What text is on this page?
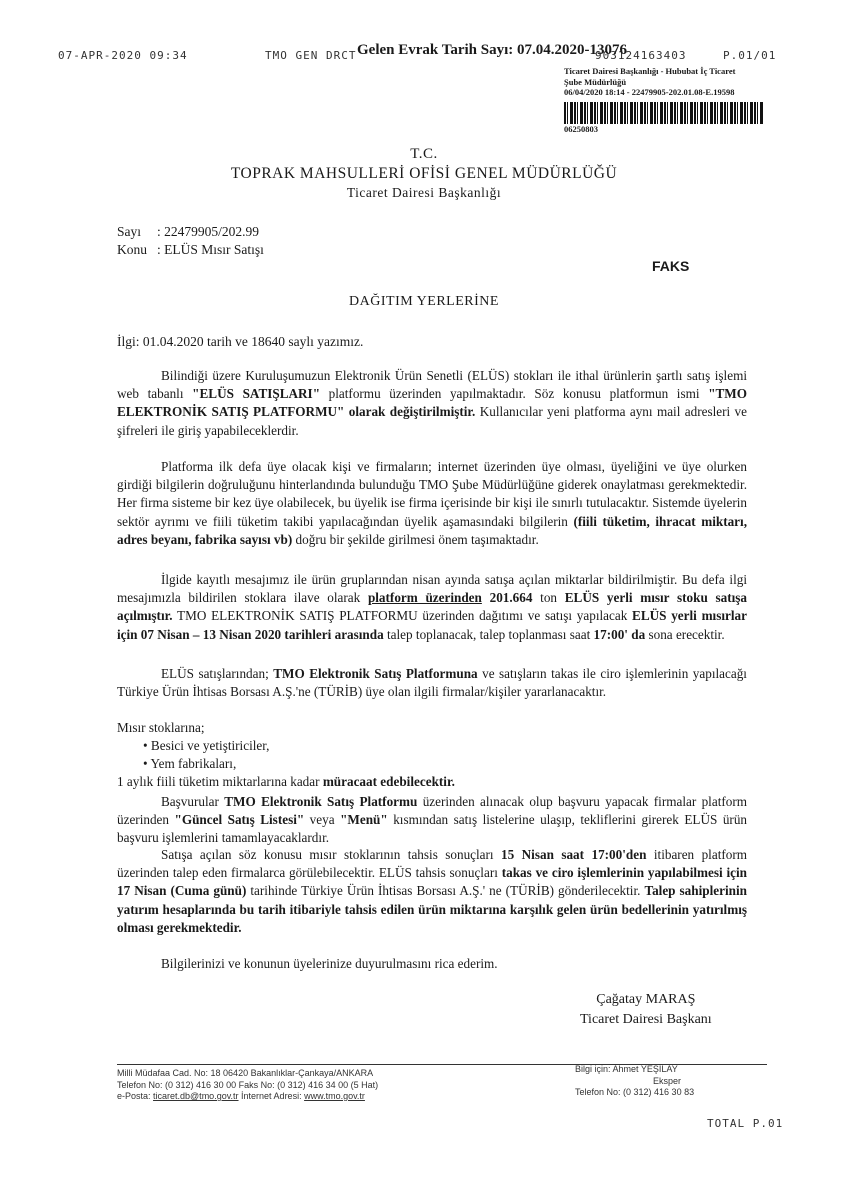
07-APR-2020 09:34	TMO GEN DRCT	903124163403	P.01/01
Gelen Evrak Tarih Sayı: 07.04.2020-13076
Ticaret Dairesi Başkanlığı - Hububat İç Ticaret
Şube Müdürlüğü
06/04/2020 18:14 - 22479905-202.01.08-E.19598
06250803
T.C.
TOPRAK MAHSULLERİ OFİSİ GENEL MÜDÜRLÜĞÜ
Ticaret Dairesi Başkanlığı
Sayı : 22479905/202.99
Konu : ELÜS Mısır Satışı
FAKS
DAĞITIM YERLERİNE
İlgi: 01.04.2020 tarih ve 18640 saylı yazımız.
Bilindiği üzere Kuruluşumuzun Elektronik Ürün Senetli (ELÜS) stokları ile ithal ürünlerin şartlı satış işlemi web tabanlı "ELÜS SATIŞLARI" platformu üzerinden yapılmaktadır. Söz konusu platformun ismi "TMO ELEKTRONİK SATIŞ PLATFORMU" olarak değiştirilmiştir. Kullanıcılar yeni platforma aynı mail adresleri ve şifreleri ile giriş yapabileceklerdir.
Platforma ilk defa üye olacak kişi ve firmaların; internet üzerinden üye olması, üyeliğini ve üye olurken girdiği bilgilerin doğruluğunu hinterlandında bulunduğu TMO Şube Müdürlüğüne giderek onaylatması gerekmektedir. Her firma sisteme bir kez üye olabilecek, bu üyelik ise firma içerisinde bir kişi ile sınırlı tutulacaktır. Sistemde üyelerin sektör ayrımı ve fiili tüketim takibi yapılacağından üyelik aşamasındaki bilgilerin (fiili tüketim, ihracat miktarı, adres beyanı, fabrika sayısı vb) doğru bir şekilde girilmesi önem taşımaktadır.
İlgide kayıtlı mesajımız ile ürün gruplarından nisan ayında satışa açılan miktarlar bildirilmiştir. Bu defa ilgi mesajımızla bildirilen stoklara ilave olarak platform üzerinden 201.664 ton ELÜS yerli mısır stoku satışa açılmıştır. TMO ELEKTRONİK SATIŞ PLATFORMU üzerinden dağıtımı ve satışı yapılacak ELÜS yerli mısırlar için 07 Nisan – 13 Nisan 2020 tarihleri arasında talep toplanacak, talep toplanması saat 17:00' da sona erecektir.
ELÜS satışlarından; TMO Elektronik Satış Platformuna ve satışların takas ile ciro işlemlerinin yapılacağı Türkiye Ürün İhtisas Borsası A.Ş.'ne (TÜRİB) üye olan ilgili firmalar/kişiler yararlanacaktır.
Mısır stoklarına;
• Besici ve yetiştiriciler,
• Yem fabrikaları,
1 aylık fiili tüketim miktarlarına kadar müracaat edebilecektir.
Başvurular TMO Elektronik Satış Platformu üzerinden alınacak olup başvuru yapacak firmalar platform üzerinden "Güncel Satış Listesi" veya "Menü" kısmından satış listelerine ulaşıp, tekliflerini girerek ELÜS ürün başvuru işlemlerini tamamlayacaklardır.
Satışa açılan söz konusu mısır stoklarının tahsis sonuçları 15 Nisan saat 17:00'den itibaren platform üzerinden talep eden firmalarca görülebilecektir. ELÜS tahsis sonuçları takas ve ciro işlemlerinin yapılabilmesi için 17 Nisan (Cuma günü) tarihinde Türkiye Ürün İhtisas Borsası A.Ş.' ne (TÜRİB) gönderilecektir. Talep sahiplerinin yatırım hesaplarında bu tarih itibariyle tahsis edilen ürün miktarına karşılık gelen ürün bedellerinin yatırılmış olması gerekmektedir.
Bilgilerinizi ve konunun üyelerinize duyurulmasını rica ederim.
Çağatay MARAŞ
Ticaret Dairesi Başkanı
Milli Müdafaa Cad. No: 18 06420 Bakanlıklar-Çankaya/ANKARA
Telefon No: (0 312) 416 30 00 Faks No: (0 312) 416 34 00 (5 Hat)
e-Posta: ticaret.db@tmo.gov.tr İnternet Adresi: www.tmo.gov.tr
Bilgi için: Ahmet YEŞİLAY
Eksper
Telefon No: (0 312) 416 30 83
TOTAL P.01
